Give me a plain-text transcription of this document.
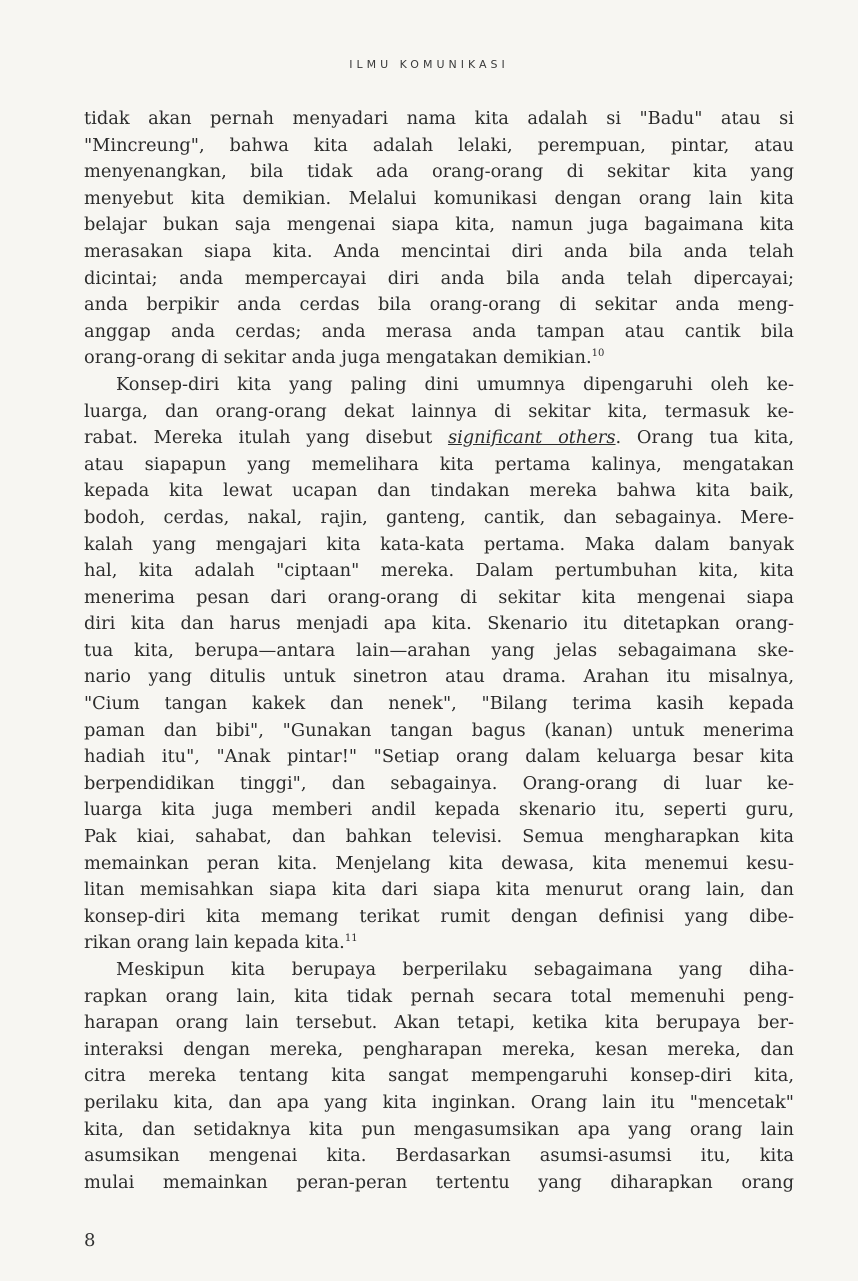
ILMU KOMUNIKASI
tidak akan pernah menyadari nama kita adalah si "Badu" atau si
"Mincreung", bahwa kita adalah lelaki, perempuan, pintar, atau
menyenangkan, bila tidak ada orang-orang di sekitar kita yang
menyebut kita demikian. Melalui komunikasi dengan orang lain kita
belajar bukan saja mengenai siapa kita, namun juga bagaimana kita
merasakan siapa kita. Anda mencintai diri anda bila anda telah
dicintai; anda mempercayai diri anda bila anda telah dipercayai;
anda berpikir anda cerdas bila orang-orang di sekitar anda meng-
anggap anda cerdas; anda merasa anda tampan atau cantik bila
orang-orang di sekitar anda juga mengatakan demikian.$^{10}$
Konsep-diri kita yang paling dini umumnya dipengaruhi oleh ke-
luarga, dan orang-orang dekat lainnya di sekitar kita, termasuk ke-
rabat. Mereka itulah yang disebut significant others. Orang tua kita,
atau siapapun yang memelihara kita pertama kalinya, mengatakan
kepada kita lewat ucapan dan tindakan mereka bahwa kita baik,
bodoh, cerdas, nakal, rajin, ganteng, cantik, dan sebagainya. Mere-
kalah yang mengajari kita kata-kata pertama. Maka dalam banyak
hal, kita adalah "ciptaan" mereka. Dalam pertumbuhan kita, kita
menerima pesan dari orang-orang di sekitar kita mengenai siapa
diri kita dan harus menjadi apa kita. Skenario itu ditetapkan orang-
tua kita, berupa—antara lain—arahan yang jelas sebagaimana ske-
nario yang ditulis untuk sinetron atau drama. Arahan itu misalnya,
"Cium tangan kakek dan nenek", "Bilang terima kasih kepada
paman dan bibi", "Gunakan tangan bagus (kanan) untuk menerima
hadiah itu", "Anak pintar!" "Setiap orang dalam keluarga besar kita
berpendidikan tinggi", dan sebagainya. Orang-orang di luar ke-
luarga kita juga memberi andil kepada skenario itu, seperti guru,
Pak kiai, sahabat, dan bahkan televisi. Semua mengharapkan kita
memainkan peran kita. Menjelang kita dewasa, kita menemui kesu-
litan memisahkan siapa kita dari siapa kita menurut orang lain, dan
konsep-diri kita memang terikat rumit dengan definisi yang dibe-
rikan orang lain kepada kita.$^{11}$
Meskipun kita berupaya berperilaku sebagaimana yang diha-
rapkan orang lain, kita tidak pernah secara total memenuhi peng-
harapan orang lain tersebut. Akan tetapi, ketika kita berupaya ber-
interaksi dengan mereka, pengharapan mereka, kesan mereka, dan
citra mereka tentang kita sangat mempengaruhi konsep-diri kita,
perilaku kita, dan apa yang kita inginkan. Orang lain itu "mencetak"
kita, dan setidaknya kita pun mengasumsikan apa yang orang lain
asumsikan mengenai kita. Berdasarkan asumsi-asumsi itu, kita
mulai memainkan peran-peran tertentu yang diharapkan orang
8
